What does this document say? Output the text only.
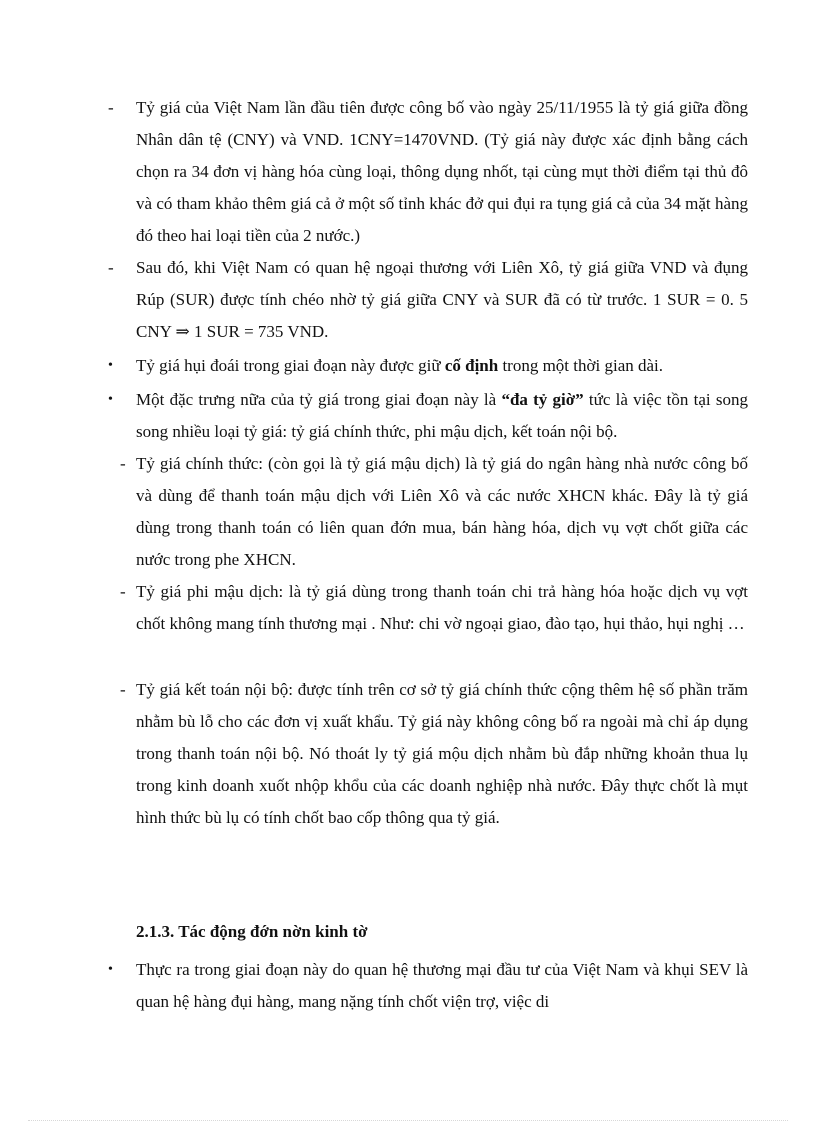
-	Tỷ giá của Việt Nam lần đầu tiên được công bố vào ngày 25/11/1955 là tỷ giá giữa đồng Nhân dân tệ (CNY) và VND. 1CNY=1470VND. (Tỷ giá này được xác định bằng cách chọn ra 34 đơn vị hàng hóa cùng loại, thông dụng nhốt, tại cùng mụt thời điểm tại thủ đô và có tham khảo thêm giá cả ở một số tỉnh khác đở qui đụi ra tụng giá cả của 34 mặt hàng đó theo hai loại tiền của 2 nước.)
-	Sau đó, khi Việt Nam có quan hệ ngoại thương với Liên Xô, tỷ giá giữa VND và đụng Rúp (SUR) được tính chéo nhờ tỷ giá giữa CNY và SUR đã có từ trước. 1 SUR = 0. 5 CNY ⇒ 1 SUR = 735 VND.
•	Tỷ giá hụi đoái trong giai đoạn này được giữ cố định trong một thời gian dài.
•	Một đặc trưng nữa của tỷ giá trong giai đoạn này là “đa tỷ giờ” tức là việc tồn tại song song nhiều loại tỷ giá: tỷ giá chính thức, phi mậu dịch, kết toán nội bộ.
- Tỷ giá chính thức: (còn gọi là tỷ giá mậu dịch) là tỷ giá do ngân hàng nhà nước công bố và dùng để thanh toán mậu dịch với Liên Xô và các nước XHCN khác. Đây là tỷ giá dùng trong thanh toán có liên quan đớn mua, bán hàng hóa, dịch vụ vợt chốt giữa các nước trong phe XHCN.
- Tỷ giá phi mậu dịch: là tỷ giá dùng trong thanh toán chi trả hàng hóa hoặc dịch vụ vợt chốt không mang tính thương mại . Như: chi vờ ngoại giao, đào tạo, hụi thảo, hụi nghị …
- Tỷ giá kết toán nội bộ: được tính trên cơ sở tỷ giá chính thức cộng thêm hệ số phần trăm nhằm bù lỗ cho các đơn vị xuất khẩu. Tỷ giá này không công bố ra ngoài mà chỉ áp dụng trong thanh toán nội bộ. Nó thoát ly tỷ giá mộu dịch nhằm bù đắp những khoản thua lụ trong kinh doanh xuốt nhộp khổu của các doanh nghiệp nhà nước. Đây thực chốt là mụt hình thức bù lụ có tính chốt bao cốp thông qua tỷ giá.
2.1.3. Tác động đớn nờn kinh tờ
•	Thực ra trong giai đoạn này do quan hệ thương mại đầu tư của Việt Nam và khụi SEV là quan hệ hàng đụi hàng, mang nặng tính chốt viện trợ, việc di
